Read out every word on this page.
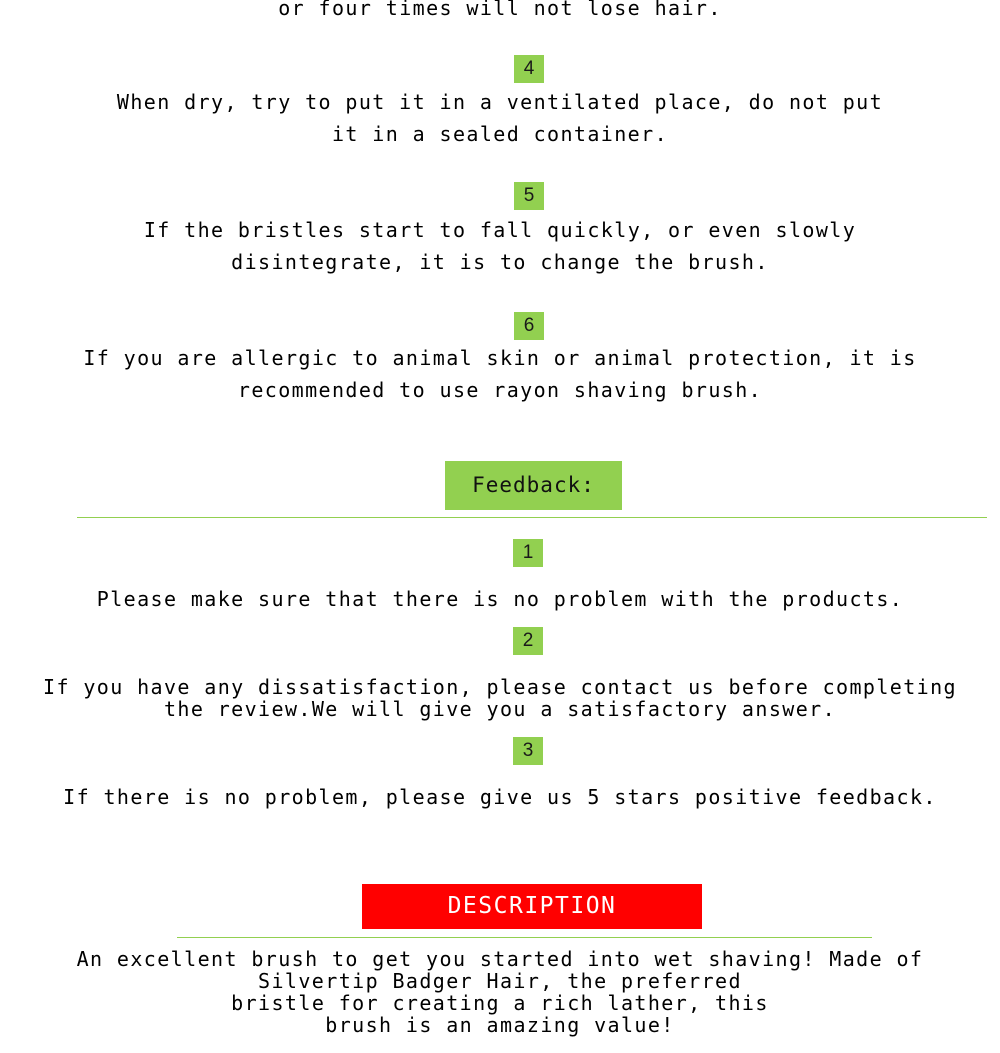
or four times will not lose hair.
4
When dry, try to put it in a ventilated place, do not put
it in a sealed container.
5
If the bristles start to fall quickly, or even slowly
disintegrate, it is to change the brush.
6
If you are allergic to animal skin or animal protection, it is
recommended to use rayon shaving brush.
Feedback:
1
Please make sure that there is no problem with the products.
2
If you have any dissatisfaction, please contact us before completing
the review.We will give you a satisfactory answer.
3
If there is no problem, please give us 5 stars positive feedback.
DESCRIPTION
An excellent brush to get you started into wet shaving! Made of
Silvertip Badger Hair, the preferred
bristle for creating a rich lather, this
brush is an amazing value!
